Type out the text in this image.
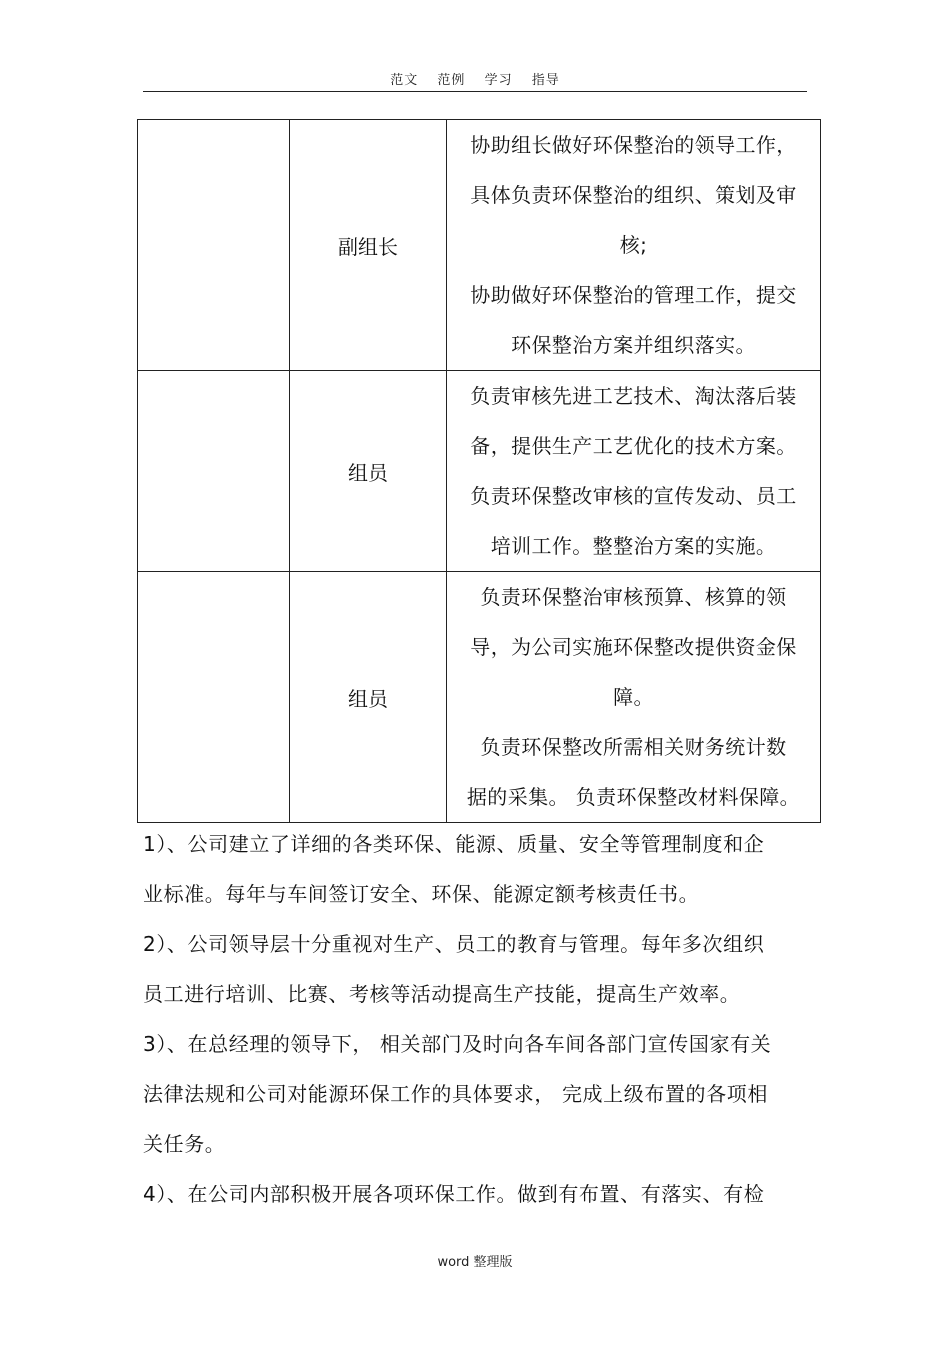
范文 范例 学习 指导
	副组长	协助组长做好环保整治的领导工作，
具体负责环保整治的组织、策划及审
核;
协助做好环保整治的管理工作，提交
环保整治方案并组织落实。

	组员	负责审核先进工艺技术、淘汰落后装
备，提供生产工艺优化的技术方案。
负责环保整改审核的宣传发动、员工
培训工作。整整治方案的实施。

	组员	负责环保整治审核预算、核算的领
导，为公司实施环保整改提供资金保
障。
负责环保整改所需相关财务统计数
据的采集。 负责环保整改材料保障。

1）、公司建立了详细的各类环保、能源、质量、安全等管理制度和企

业标准。每年与车间签订安全、环保、能源定额考核责任书。

2）、公司领导层十分重视对生产、员工的教育与管理。每年多次组织

员工进行培训、比赛、考核等活动提高生产技能，提高生产效率。

3）、在总经理的领导下， 相关部门及时向各车间各部门宣传国家有关

法律法规和公司对能源环保工作的具体要求， 完成上级布置的各项相

关任务。

4）、在公司内部积极开展各项环保工作。做到有布置、有落实、有检

word 整理版
